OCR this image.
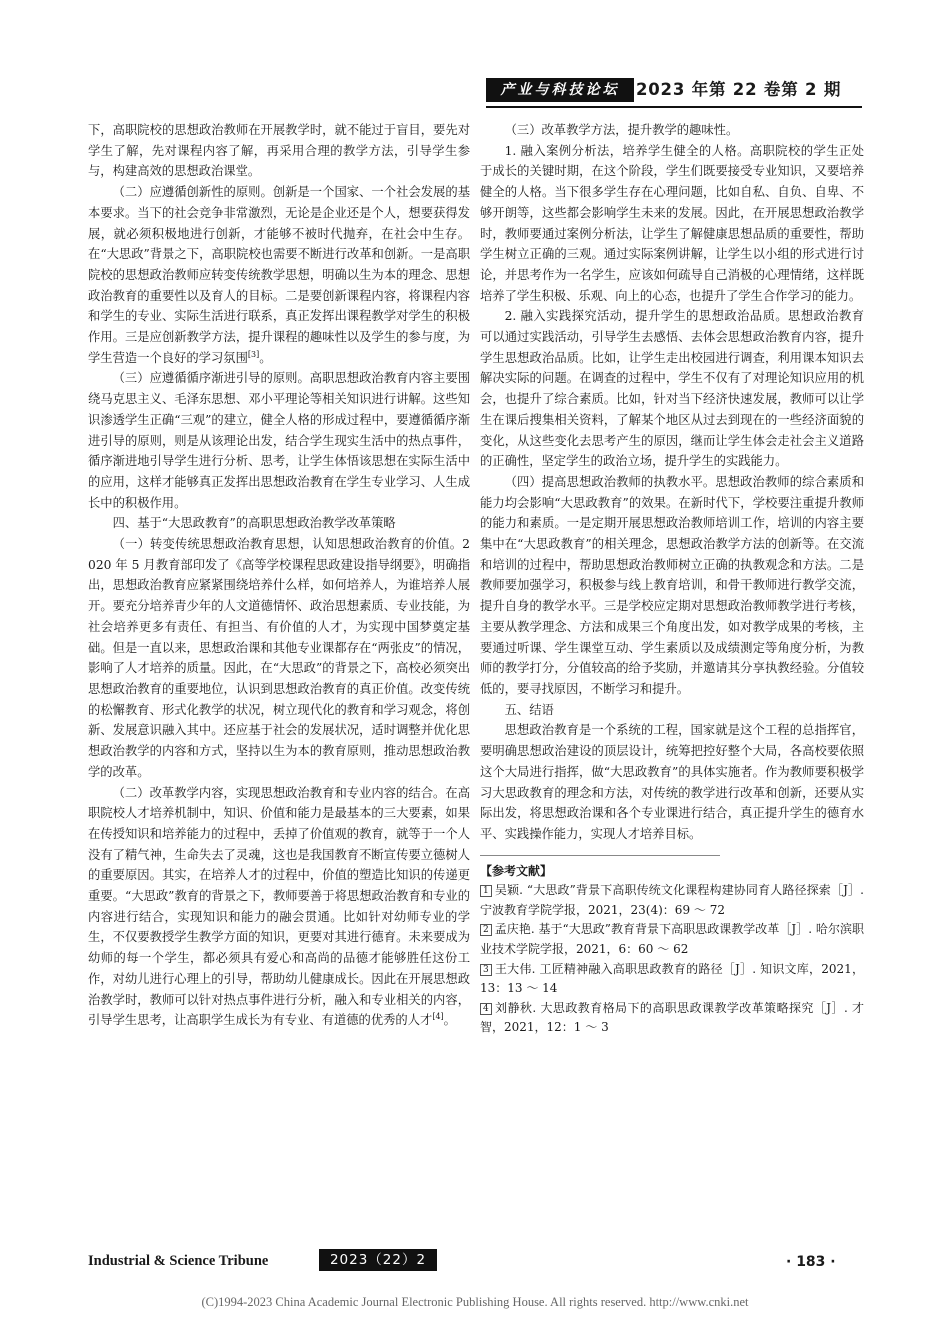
产业与科技论坛	2023 年第 22 卷第 2 期

下，高职院校的思想政治教师在开展教学时，就不能过于盲目，要先对学生了解，先对课程内容了解，再采用合理的教学方法，引导学生参与，构建高效的思想政治课堂。

（二）应遵循创新性的原则。创新是一个国家、一个社会发展的基本要求。当下的社会竞争非常激烈，无论是企业还是个人，想要获得发展，就必须积极地进行创新，才能够不被时代抛弃，在社会中生存。在“大思政”背景之下，高职院校也需要不断进行改革和创新。一是高职院校的思想政治教师应转变传统教学思想，明确以生为本的理念、思想政治教育的重要性以及育人的目标。二是要创新课程内容，将课程内容和学生的专业、实际生活进行联系，真正发挥出课程教学对学生的积极作用。三是应创新教学方法，提升课程的趣味性以及学生的参与度，为学生营造一个良好的学习氛围[3]。

（三）应遵循循序渐进引导的原则。高职思想政治教育内容主要围绕马克思主义、毛泽东思想、邓小平理论等相关知识进行讲解。这些知识渗透学生正确“三观”的建立，健全人格的形成过程中，要遵循循序渐进引导的原则，则是从该理论出发，结合学生现实生活中的热点事件，循序渐进地引导学生进行分析、思考，让学生体悟该思想在实际生活中的应用，这样才能够真正发挥出思想政治教育在学生专业学习、人生成长中的积极作用。

四、基于“大思政教育”的高职思想政治教学改革策略

（一）转变传统思想政治教育思想，认知思想政治教育的价值。2020 年 5 月教育部印发了《高等学校课程思政建设指导纲要》，明确指出，思想政治教育应紧紧围绕培养什么样，如何培养人，为谁培养人展开。要充分培养青少年的人文道德情怀、政治思想素质、专业技能，为社会培养更多有责任、有担当、有价值的人才，为实现中国梦奠定基础。但是一直以来，思想政治课和其他专业课都存在“两张皮”的情况，影响了人才培养的质量。因此，在“大思政”的背景之下，高校必须突出思想政治教育的重要地位，认识到思想政治教育的真正价值。改变传统的松懈教育、形式化教学的状况，树立现代化的教育和学习观念，将创新、发展意识融入其中。还应基于社会的发展状况，适时调整并优化思想政治教学的内容和方式，坚持以生为本的教育原则，推动思想政治教学的改革。

（二）改革教学内容，实现思想政治教育和专业内容的结合。在高职院校人才培养机制中，知识、价值和能力是最基本的三大要素，如果在传授知识和培养能力的过程中，丢掉了价值观的教育，就等于一个人没有了精气神，生命失去了灵魂，这也是我国教育不断宣传要立德树人的重要原因。其实，在培养人才的过程中，价值的塑造比知识的传递更重要。“大思政”教育的背景之下，教师要善于将思想政治教育和专业的内容进行结合，实现知识和能力的融会贯通。比如针对幼师专业的学生，不仅要教授学生教学方面的知识，更要对其进行德育。未来要成为幼师的每一个学生，都必须具有爱心和高尚的品德才能够胜任这份工作，对幼儿进行心理上的引导，帮助幼儿健康成长。因此在开展思想政治教学时，教师可以针对热点事件进行分析，融入和专业相关的内容，引导学生思考，让高职学生成长为有专业、有道德的优秀的人才[4]。

（三）改革教学方法，提升教学的趣味性。

1. 融入案例分析法，培养学生健全的人格。高职院校的学生正处于成长的关键时期，在这个阶段，学生们既要接受专业知识，又要培养健全的人格。当下很多学生存在心理问题，比如自私、自负、自卑、不够开朗等，这些都会影响学生未来的发展。因此，在开展思想政治教学时，教师要通过案例分析法，让学生了解健康思想品质的重要性，帮助学生树立正确的三观。通过实际案例讲解，让学生以小组的形式进行讨论，并思考作为一名学生，应该如何疏导自己消极的心理情绪，这样既培养了学生积极、乐观、向上的心态，也提升了学生合作学习的能力。

2. 融入实践探究活动，提升学生的思想政治品质。思想政治教育可以通过实践活动，引导学生去感悟、去体会思想政治教育内容，提升学生思想政治品质。比如，让学生走出校园进行调查，利用课本知识去解决实际的问题。在调查的过程中，学生不仅有了对理论知识应用的机会，也提升了综合素质。比如，针对当下经济快速发展，教师可以让学生在课后搜集相关资料，了解某个地区从过去到现在的一些经济面貌的变化，从这些变化去思考产生的原因，继而让学生体会走社会主义道路的正确性，坚定学生的政治立场，提升学生的实践能力。

（四）提高思想政治教师的执教水平。思想政治教师的综合素质和能力均会影响“大思政教育”的效果。在新时代下，学校要注重提升教师的能力和素质。一是定期开展思想政治教师培训工作，培训的内容主要集中在“大思政教育”的相关理念，思想政治教学方法的创新等。在交流和培训的过程中，帮助思想政治教师树立正确的执教观念和方法。二是教师要加强学习，积极参与线上教育培训，和骨干教师进行教学交流，提升自身的教学水平。三是学校应定期对思想政治教师教学进行考核，主要从教学理念、方法和成果三个角度出发，如对教学成果的考核，主要通过听课、学生课堂互动、学生素质以及成绩测定等角度分析，为教师的教学打分，分值较高的给予奖励，并邀请其分享执教经验。分值较低的，要寻找原因，不断学习和提升。

五、结语

思想政治教育是一个系统的工程，国家就是这个工程的总指挥官，要明确思想政治建设的顶层设计，统筹把控好整个大局，各高校要依照这个大局进行指挥，做“大思政教育”的具体实施者。作为教师要积极学习大思政教育的理念和方法，对传统的教学进行改革和创新，还要从实际出发，将思想政治课和各个专业课进行结合，真正提升学生的德育水平、实践操作能力，实现人才培养目标。

【参考文献】

1 吴颖. “大思政”背景下高职传统文化课程构建协同育人路径探索［J］. 宁波教育学院学报，2021，23(4)：69 ～ 72

2 孟庆艳. 基于“大思政”教育背景下高职思政课教学改革［J］. 哈尔滨职业技术学院学报，2021，6：60 ～ 62

3 王大伟. 工匠精神融入高职思政教育的路径［J］. 知识文库，2021，13：13 ～ 14

4 刘静秋. 大思政教育格局下的高职思政课教学改革策略探究［J］. 才智，2021，12：1 ～ 3

Industrial & Science Tribune	2023（22）2	· 183 ·
(C)1994-2023 China Academic Journal Electronic Publishing House. All rights reserved. http://www.cnki.net
